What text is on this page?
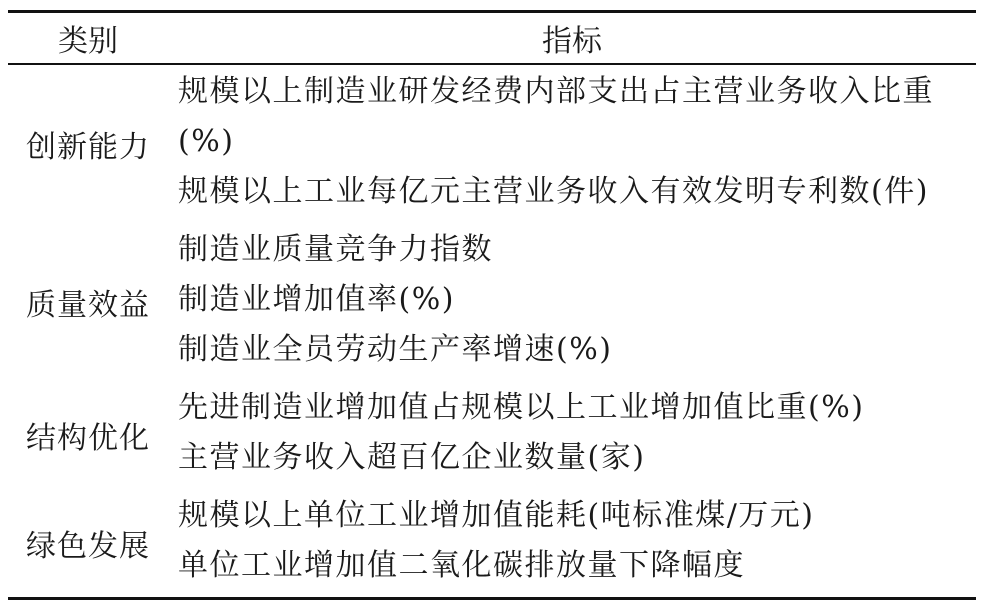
类别	指标
创新能力	规模以上制造业研发经费内部支出占主营业务收入比重(%)
规模以上工业每亿元主营业务收入有效发明专利数(件)

质量效益	制造业质量竞争力指数
制造业增加值率(%)
制造业全员劳动生产率增速(%)

结构优化	先进制造业增加值占规模以上工业增加值比重(%)
主营业务收入超百亿企业数量(家)

绿色发展	规模以上单位工业增加值能耗(吨标准煤/万元)
单位工业增加值二氧化碳排放量下降幅度
